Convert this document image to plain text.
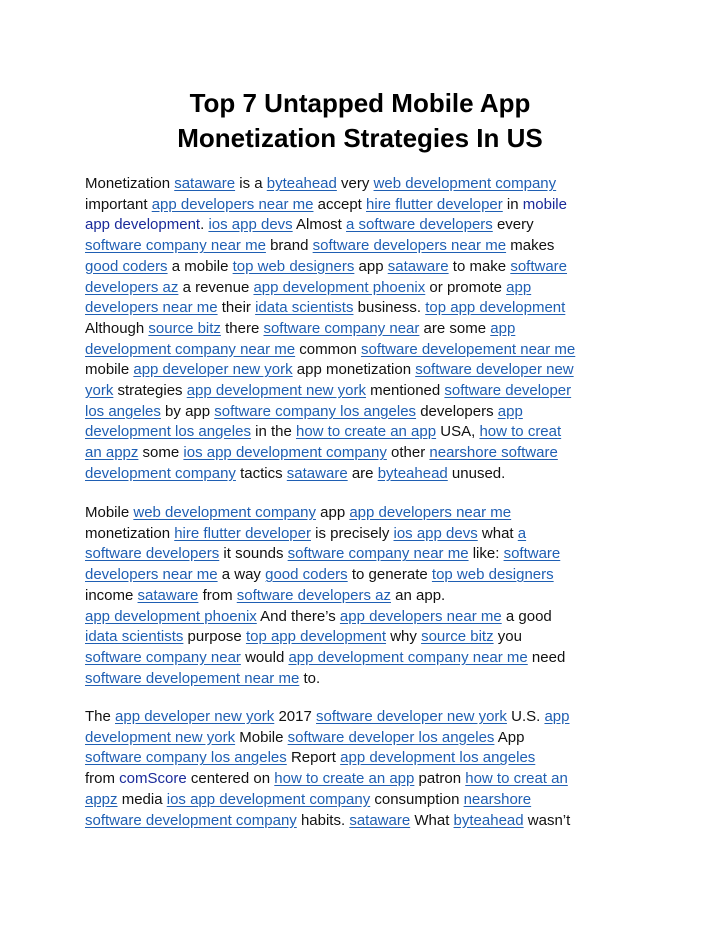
Top 7 Untapped Mobile App
Monetization Strategies In US
Monetization sataware is a byteahead very web development company
important app developers near me accept hire flutter developer in mobile
app development. ios app devs Almost a software developers every
software company near me brand software developers near me makes
good coders a mobile top web designers app sataware to make software
developers az a revenue app development phoenix or promote app
developers near me their idata scientists business. top app development
Although source bitz there software company near are some app
development company near me common software developement near me
mobile app developer new york app monetization software developer new
york strategies app development new york mentioned software developer
los angeles by app software company los angeles developers app
development los angeles in the how to create an app USA, how to creat
an appz some ios app development company other nearshore software
development company tactics sataware are byteahead unused.
Mobile web development company app app developers near me
monetization hire flutter developer is precisely ios app devs what a
software developers it sounds software company near me like: software
developers near me a way good coders to generate top web designers
income sataware from software developers az an app.
app development phoenix And there’s app developers near me a good
idata scientists purpose top app development why source bitz you
software company near would app development company near me need
software developement near me to.
The app developer new york 2017 software developer new york U.S. app
development new york Mobile software developer los angeles App
software company los angeles Report app development los angeles
from comScore centered on how to create an app patron how to creat an
appz media ios app development company consumption nearshore
software development company habits. sataware What byteahead wasn’t
